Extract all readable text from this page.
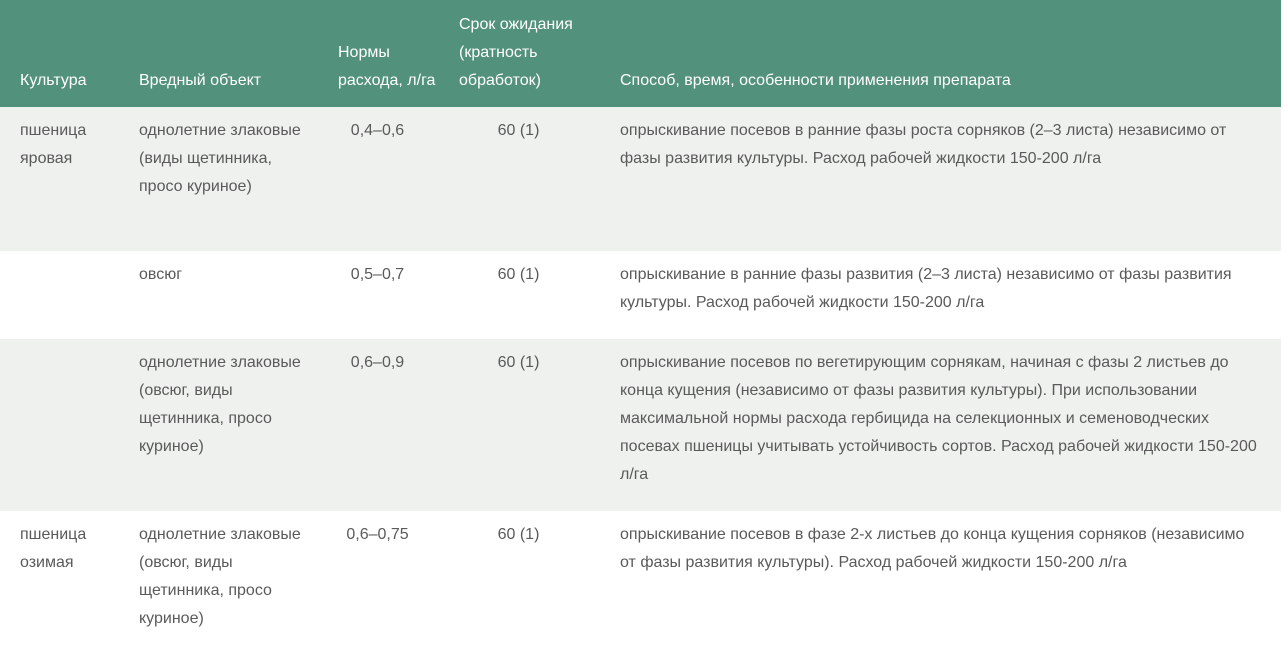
Культура	Вредный объект	Нормы расхода, л/га	Срок ожидания (кратность обработок)	Способ, время, особенности применения препарата
пшеница яровая	однолетние злаковые (виды щетинника, просо куриное)	0,4–0,6	60 (1)	опрыскивание посевов в ранние фазы роста сорняков (2–3 листа) независимо от фазы развития культуры. Расход рабочей жидкости 150-200 л/га
	овсюг	0,5–0,7	60 (1)	опрыскивание в ранние фазы развития (2–3 листа) независимо от фазы развития культуры. Расход рабочей жидкости 150-200 л/га
	однолетние злаковые (овсюг, виды щетинника, просо куриное)	0,6–0,9	60 (1)	опрыскивание посевов по вегетирующим сорнякам, начиная с фазы 2 листьев до конца кущения (независимо от фазы развития культуры). При использовании максимальной нормы расхода гербицида на селекционных и семеноводческих посевах пшеницы учитывать устойчивость сортов. Расход рабочей жидкости 150-200 л/га
пшеница озимая	однолетние злаковые (овсюг, виды щетинника, просо куриное)	0,6–0,75	60 (1)	опрыскивание посевов в фазе 2-х листьев до конца кущения сорняков (независимо от фазы развития культуры). Расход рабочей жидкости 150-200 л/га
